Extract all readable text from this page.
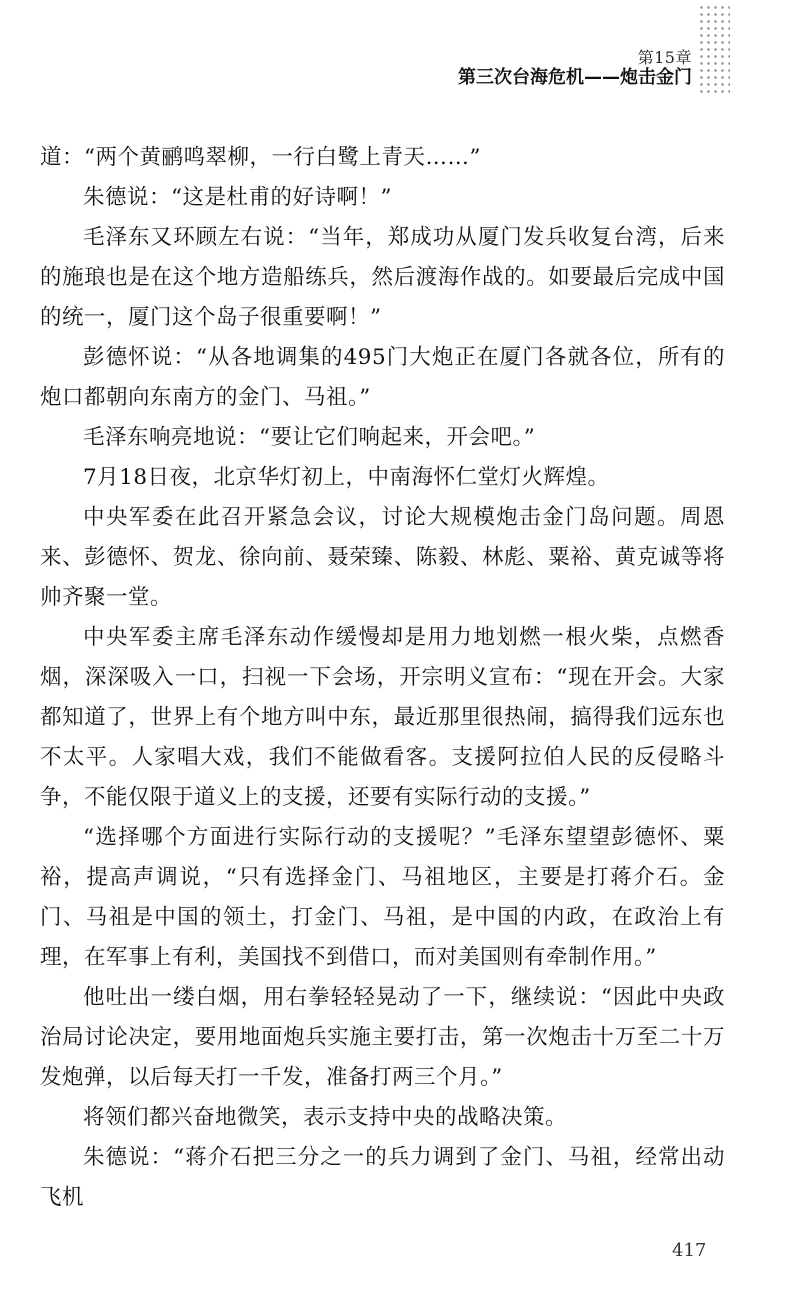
第15章
第三次台海危机——炮击金门

道：“两个黄鹂鸣翠柳，一行白鹭上青天……”

朱德说：“这是杜甫的好诗啊！”

毛泽东又环顾左右说：“当年，郑成功从厦门发兵收复台湾，后来的施琅也是在这个地方造船练兵，然后渡海作战的。如要最后完成中国的统一，厦门这个岛子很重要啊！”

彭德怀说：“从各地调集的495门大炮正在厦门各就各位，所有的炮口都朝向东南方的金门、马祖。”

毛泽东响亮地说：“要让它们响起来，开会吧。”

7月18日夜，北京华灯初上，中南海怀仁堂灯火辉煌。

中央军委在此召开紧急会议，讨论大规模炮击金门岛问题。周恩来、彭德怀、贺龙、徐向前、聂荣臻、陈毅、林彪、粟裕、黄克诚等将帅齐聚一堂。

中央军委主席毛泽东动作缓慢却是用力地划燃一根火柴，点燃香烟，深深吸入一口，扫视一下会场，开宗明义宣布：“现在开会。大家都知道了，世界上有个地方叫中东，最近那里很热闹，搞得我们远东也不太平。人家唱大戏，我们不能做看客。支援阿拉伯人民的反侵略斗争，不能仅限于道义上的支援，还要有实际行动的支援。”

“选择哪个方面进行实际行动的支援呢？”毛泽东望望彭德怀、粟裕，提高声调说，“只有选择金门、马祖地区，主要是打蒋介石。金门、马祖是中国的领土，打金门、马祖，是中国的内政，在政治上有理，在军事上有利，美国找不到借口，而对美国则有牵制作用。”

他吐出一缕白烟，用右拳轻轻晃动了一下，继续说：“因此中央政治局讨论决定，要用地面炮兵实施主要打击，第一次炮击十万至二十万发炮弹，以后每天打一千发，准备打两三个月。”

将领们都兴奋地微笑，表示支持中央的战略决策。

朱德说：“蒋介石把三分之一的兵力调到了金门、马祖，经常出动飞机

417
